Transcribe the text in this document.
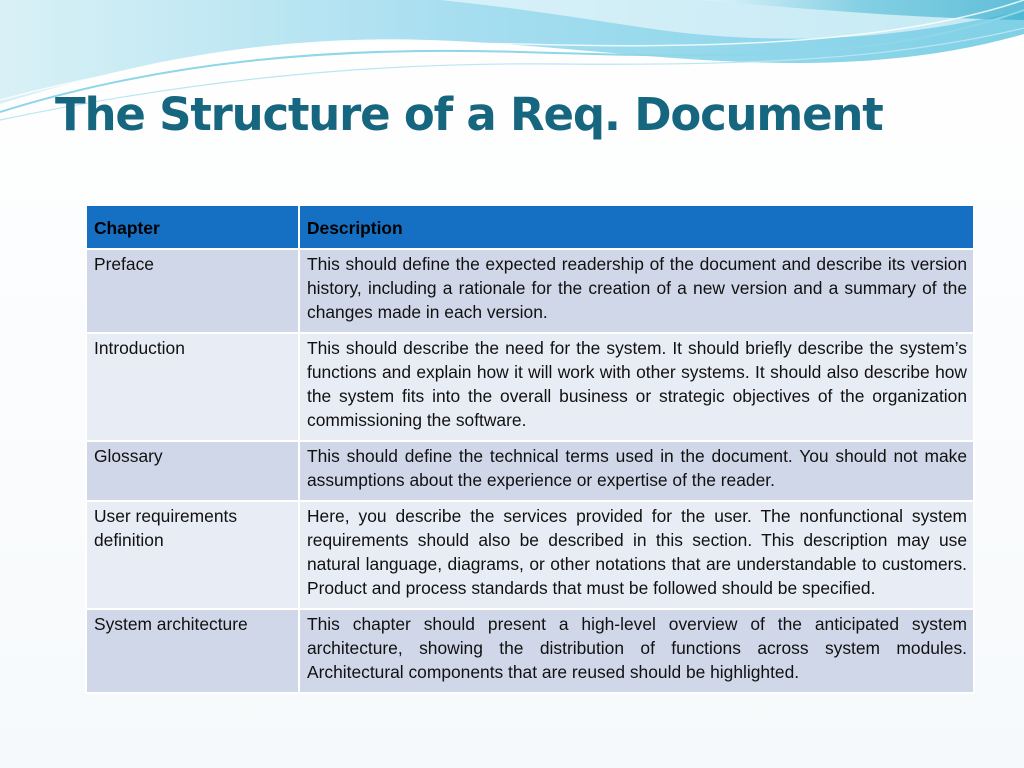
The Structure of a Req. Document
Chapter	Description
Preface	This should define the expected readership of the document and describe its version history, including a rationale for the creation of a new version and a summary of the changes made in each version.
Introduction	This should describe the need for the system. It should briefly describe the system’s functions and explain how it will work with other systems. It should also describe how the system fits into the overall business or strategic objectives of the organization commissioning the software.
Glossary	This should define the technical terms used in the document. You should not make assumptions about the experience or expertise of the reader.
User requirements definition	Here, you describe the services provided for the user. The nonfunctional system requirements should also be described in this section. This description may use natural language, diagrams, or other notations that are understandable to customers. Product and process standards that must be followed should be specified.
System architecture	This chapter should present a high-level overview of the anticipated system architecture, showing the distribution of functions across system modules. Architectural components that are reused should be highlighted.
